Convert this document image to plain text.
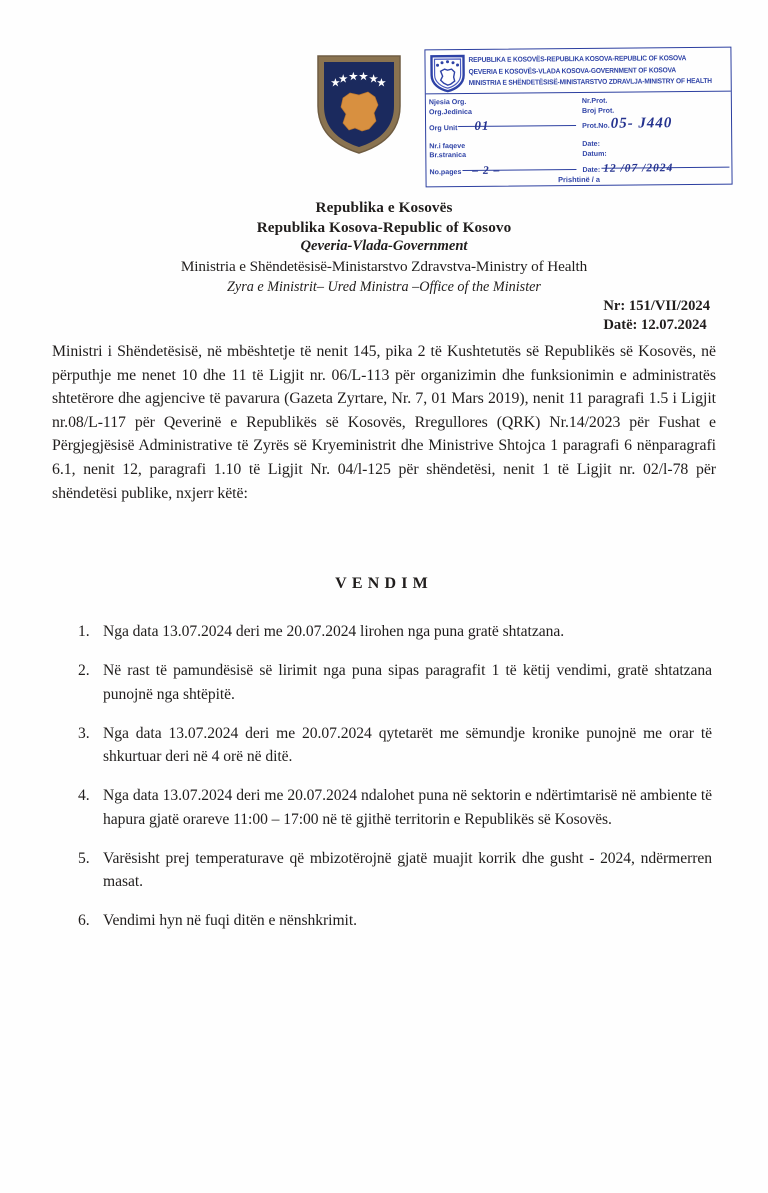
REPUBLIKA E KOSOVËS-REPUBLIKA KOSOVA-REPUBLIC OF KOSOVA
QEVERIA E KOSOVËS-VLADA KOSOVA-GOVERNMENT OF KOSOVA
MINISTRIA E SHËNDETËSISË-MINISTARSTVO ZDRAVLJA-MINISTRY OF HEALTH
Njesia Org.
Org.Jedinica
Org Unit	01
Nr.i faqeve
Br.stranica
No.pages – 2 –
Nr.Prot.
Broj Prot.
Prot.No. 05- J440
Date:
Datum:
Date: 12 /07 /2024
Prishtinë / a
Republika e Kosovës
Republika Kosova-Republic of Kosovo
Qeveria-Vlada-Government
Ministria e Shëndetësisë-Ministarstvo Zdravstva-Ministry of Health
Zyra e Ministrit– Ured Ministra –Office of the Minister
Nr: 151/VII/2024
Datë: 12.07.2024
Ministri i Shëndetësisë, në mbështetje të nenit 145, pika 2 të Kushtetutës së Republikës së Kosovës, në përputhje me nenet 10 dhe 11 të Ligjit nr. 06/L-113 për organizimin dhe funksionimin e administratës shtetërore dhe agjencive të pavarura (Gazeta Zyrtare, Nr. 7, 01 Mars 2019), nenit 11 paragrafi 1.5 i Ligjit nr.08/L-117 për Qeverinë e Republikës së Kosovës, Rregullores (QRK) Nr.14/2023 për Fushat e Përgjegjësisë Administrative të Zyrës së Kryeministrit dhe Ministrive Shtojca 1 paragrafi 6 nënparagrafi 6.1, nenit 12, paragrafi 1.10 të Ligjit Nr. 04/l-125 për shëndetësi, nenit 1 të Ligjit nr. 02/l-78 për shëndetësi publike, nxjerr këtë:
VENDIM
1. Nga data 13.07.2024 deri me 20.07.2024 lirohen nga puna gratë shtatzana.
2. Në rast të pamundësisë së lirimit nga puna sipas paragrafit 1 të këtij vendimi, gratë shtatzana punojnë nga shtëpitë.
3. Nga data 13.07.2024 deri me 20.07.2024 qytetarët me sëmundje kronike punojnë me orar të shkurtuar deri në 4 orë në ditë.
4. Nga data 13.07.2024 deri me 20.07.2024 ndalohet puna në sektorin e ndërtimtarisë në ambiente të hapura gjatë orareve 11:00 – 17:00 në të gjithë territorin e Republikës së Kosovës.
5. Varësisht prej temperaturave që mbizotërojnë gjatë muajit korrik dhe gusht - 2024, ndërmerren masat.
6. Vendimi hyn në fuqi ditën e nënshkrimit.
